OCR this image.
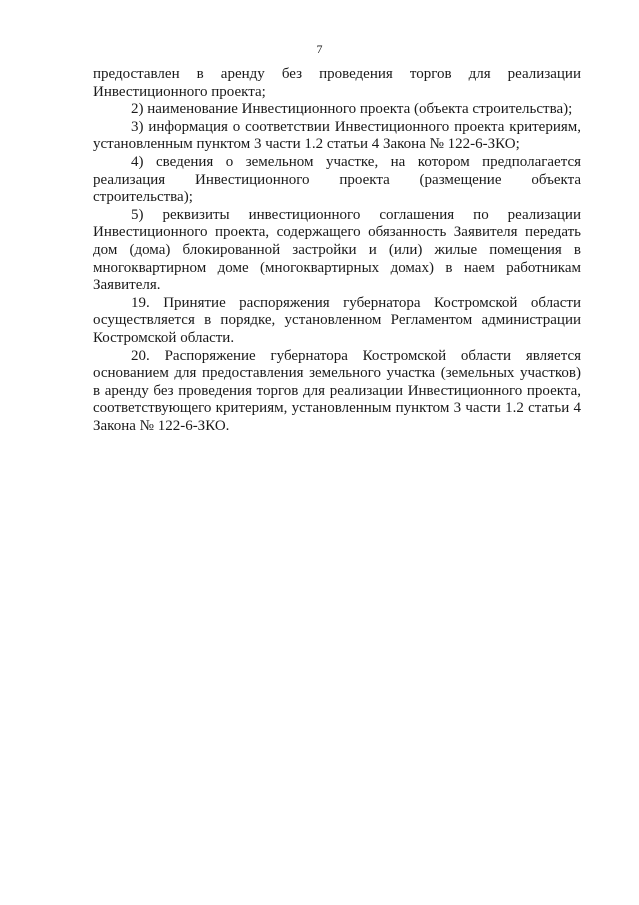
7
предоставлен в аренду без проведения торгов для реализации
Инвестиционного проекта;
2) наименование Инвестиционного проекта (объекта строительства);
3) информация о соответствии Инвестиционного проекта критериям,
установленным пунктом 3 части 1.2 статьи 4 Закона № 122-6-ЗКО;
4) сведения о земельном участке, на котором предполагается
реализация Инвестиционного проекта (размещение объекта
строительства);
5) реквизиты инвестиционного соглашения по реализации
Инвестиционного проекта, содержащего обязанность Заявителя передать
дом (дома) блокированной застройки и (или) жилые помещения в
многоквартирном доме (многоквартирных домах) в наем работникам
Заявителя.
19. Принятие распоряжения губернатора Костромской области
осуществляется в порядке, установленном Регламентом администрации
Костромской области.
20. Распоряжение губернатора Костромской области является
основанием для предоставления земельного участка (земельных участков)
в аренду без проведения торгов для реализации Инвестиционного проекта,
соответствующего критериям, установленным пунктом 3 части 1.2 статьи 4
Закона № 122-6-ЗКО.
